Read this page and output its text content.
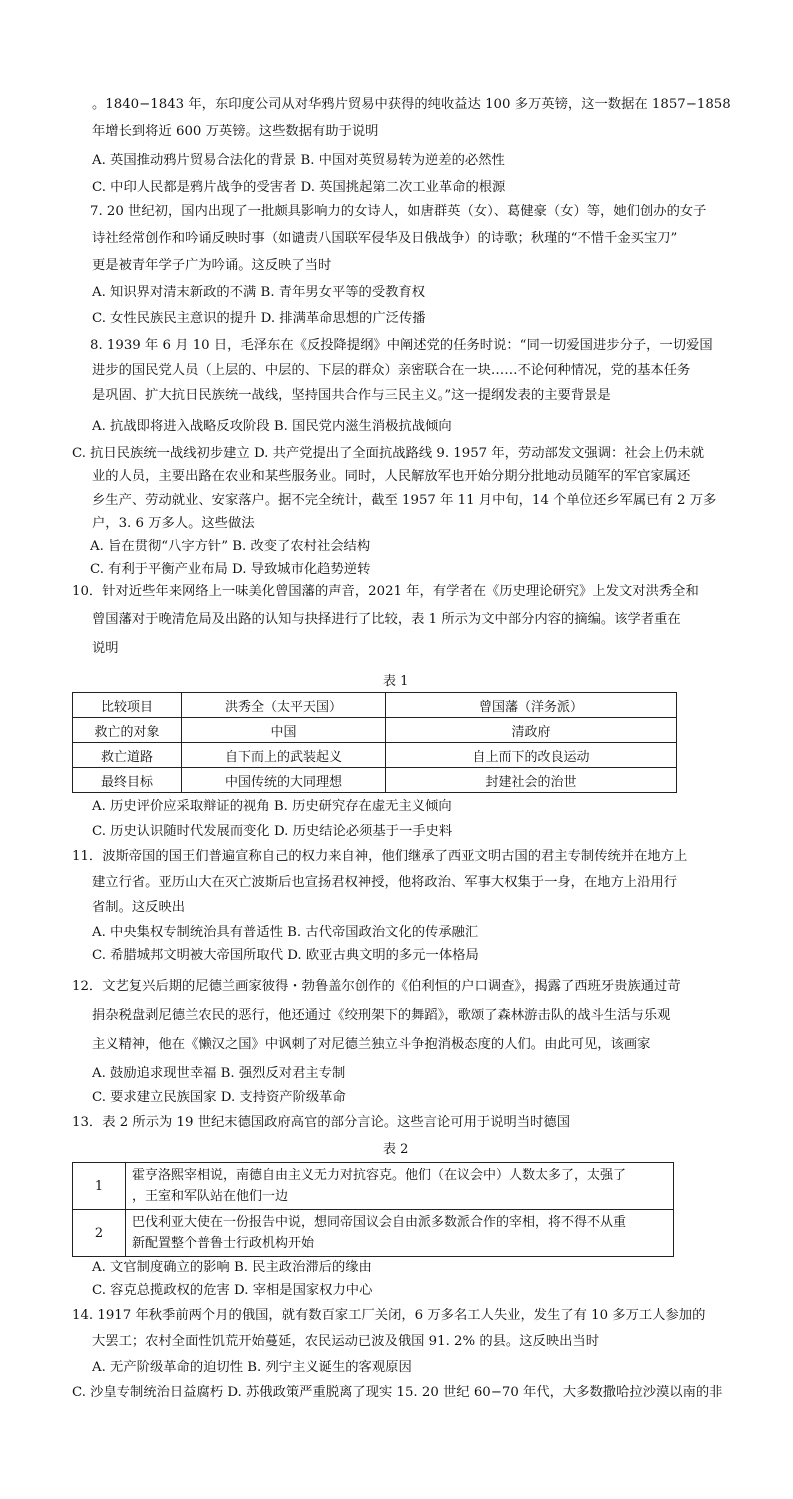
。1840−1843 年，东印度公司从对华鸦片贸易中获得的纯收益达 100 多万英镑，这一数据在 1857−1858
年增长到将近 600 万英镑。这些数据有助于说明
A. 英国推动鸦片贸易合法化的背景 B. 中国对英贸易转为逆差的必然性
C. 中印人民都是鸦片战争的受害者 D. 英国挑起第二次工业革命的根源
7. 20 世纪初，国内出现了一批颇具影响力的女诗人，如唐群英（女）、葛健豪（女）等，她们创办的女子
诗社经常创作和吟诵反映时事（如谴责八国联军侵华及日俄战争）的诗歌；秋瑾的“不惜千金买宝刀”
更是被青年学子广为吟诵。这反映了当时
A. 知识界对清末新政的不满 B. 青年男女平等的受教育权
C. 女性民族民主意识的提升 D. 排满革命思想的广泛传播
8. 1939 年 6 月 10 日，毛泽东在《反投降提纲》中阐述党的任务时说：“同一切爱国进步分子，一切爱国
进步的国民党人员（上层的、中层的、下层的群众）亲密联合在一块……不论何种情况，党的基本任务
是巩固、扩大抗日民族统一战线，坚持国共合作与三民主义。”这一提纲发表的主要背景是
A. 抗战即将进入战略反攻阶段 B. 国民党内滋生消极抗战倾向
C. 抗日民族统一战线初步建立 D. 共产党提出了全面抗战路线 9. 1957 年，劳动部发文强调：社会上仍未就
业的人员，主要出路在农业和某些服务业。同时，人民解放军也开始分期分批地动员随军的军官家属还
乡生产、劳动就业、安家落户。据不完全统计，截至 1957 年 11 月中旬，14 个单位还乡军属已有 2 万多
户，3. 6 万多人。这些做法
A. 旨在贯彻“八字方针” B. 改变了农村社会结构
C. 有利于平衡产业布局 D. 导致城市化趋势逆转
10．针对近些年来网络上一味美化曾国藩的声音，2021 年，有学者在《历史理论研究》上发文对洪秀全和
曾国藩对于晚清危局及出路的认知与抉择进行了比较，表 1 所示为文中部分内容的摘编。该学者重在
说明
表 1
比较项目	洪秀全（太平天国）	曾国藩（洋务派）
救亡的对象	中国	清政府
救亡道路	自下而上的武装起义	自上而下的改良运动
最终目标	中国传统的大同理想	封建社会的治世
A. 历史评价应采取辩证的视角 B. 历史研究存在虚无主义倾向
C. 历史认识随时代发展而变化 D. 历史结论必须基于一手史料
11．波斯帝国的国王们普遍宣称自己的权力来自神，他们继承了西亚文明古国的君主专制传统并在地方上
建立行省。亚历山大在灭亡波斯后也宣扬君权神授，他将政治、军事大权集于一身，在地方上沿用行
省制。这反映出
A. 中央集权专制统治具有普适性 B. 古代帝国政治文化的传承融汇
C. 希腊城邦文明被大帝国所取代 D. 欧亚古典文明的多元一体格局
12．文艺复兴后期的尼德兰画家彼得・勃鲁盖尔创作的《伯利恒的户口调查》，揭露了西班牙贵族通过苛
捐杂税盘剥尼德兰农民的恶行，他还通过《绞刑架下的舞蹈》，歌颂了森林游击队的战斗生活与乐观
主义精神，他在《懒汉之国》中讽刺了对尼德兰独立斗争抱消极态度的人们。由此可见，该画家
A. 鼓励追求现世幸福 B. 强烈反对君主专制
C. 要求建立民族国家 D. 支持资产阶级革命
13．表 2 所示为 19 世纪末德国政府高官的部分言论。这些言论可用于说明当时德国
表 2
1	霍亨洛熙宰相说，南德自由主义无力对抗容克。他们（在议会中）人数太多了，太强了
，王室和军队站在他们一边

2	巴伐利亚大使在一份报告中说，想同帝国议会自由派多数派合作的宰相，将不得不从重
新配置整个普鲁士行政机构开始
A. 文官制度确立的影响 B. 民主政治滞后的缘由
C. 容克总揽政权的危害 D. 宰相是国家权力中心
14. 1917 年秋季前两个月的俄国，就有数百家工厂关闭，6 万多名工人失业，发生了有 10 多万工人参加的
大罢工；农村全面性饥荒开始蔓延，农民运动已波及俄国 91. 2% 的县。这反映出当时
A. 无产阶级革命的迫切性 B. 列宁主义诞生的客观原因
C. 沙皇专制统治日益腐朽 D. 苏俄政策严重脱离了现实 15. 20 世纪 60−70 年代，大多数撒哈拉沙漠以南的非
